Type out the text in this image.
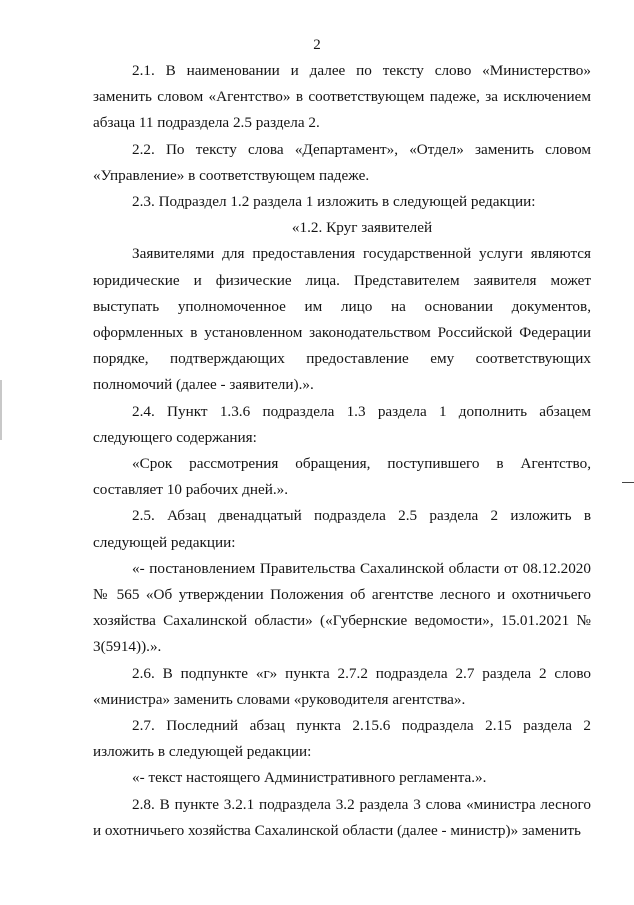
2

2.1. В наименовании и далее по тексту слово «Министерство» заменить словом «Агентство» в соответствующем падеже, за исключением абзаца 11 подраздела 2.5 раздела 2.

2.2. По тексту слова «Департамент», «Отдел» заменить словом «Управление» в соответствующем падеже.

2.3. Подраздел 1.2 раздела 1 изложить в следующей редакции:

«1.2. Круг заявителей

Заявителями для предоставления государственной услуги являются юридические и физические лица. Представителем заявителя может выступать уполномоченное им лицо на основании документов, оформленных в установленном законодательством Российской Федерации порядке, подтверждающих предоставление ему соответствующих полномочий (далее - заявители).».

2.4. Пункт 1.3.6 подраздела 1.3 раздела 1 дополнить абзацем следующего содержания:

«Срок рассмотрения обращения, поступившего в Агентство, составляет 10 рабочих дней.».

2.5. Абзац двенадцатый подраздела 2.5 раздела 2 изложить в следующей редакции:

«- постановлением Правительства Сахалинской области от 08.12.2020 № 565 «Об утверждении Положения об агентстве лесного и охотничьего хозяйства Сахалинской области» («Губернские ведомости», 15.01.2021 № 3(5914)).».

2.6. В подпункте «г» пункта 2.7.2 подраздела 2.7 раздела 2 слово «министра» заменить словами «руководителя агентства».

2.7. Последний абзац пункта 2.15.6 подраздела 2.15 раздела 2 изложить в следующей редакции:

«- текст настоящего Административного регламента.».

2.8. В пункте 3.2.1 подраздела 3.2 раздела 3 слова «министра лесного и охотничьего хозяйства Сахалинской области (далее - министр)» заменить
